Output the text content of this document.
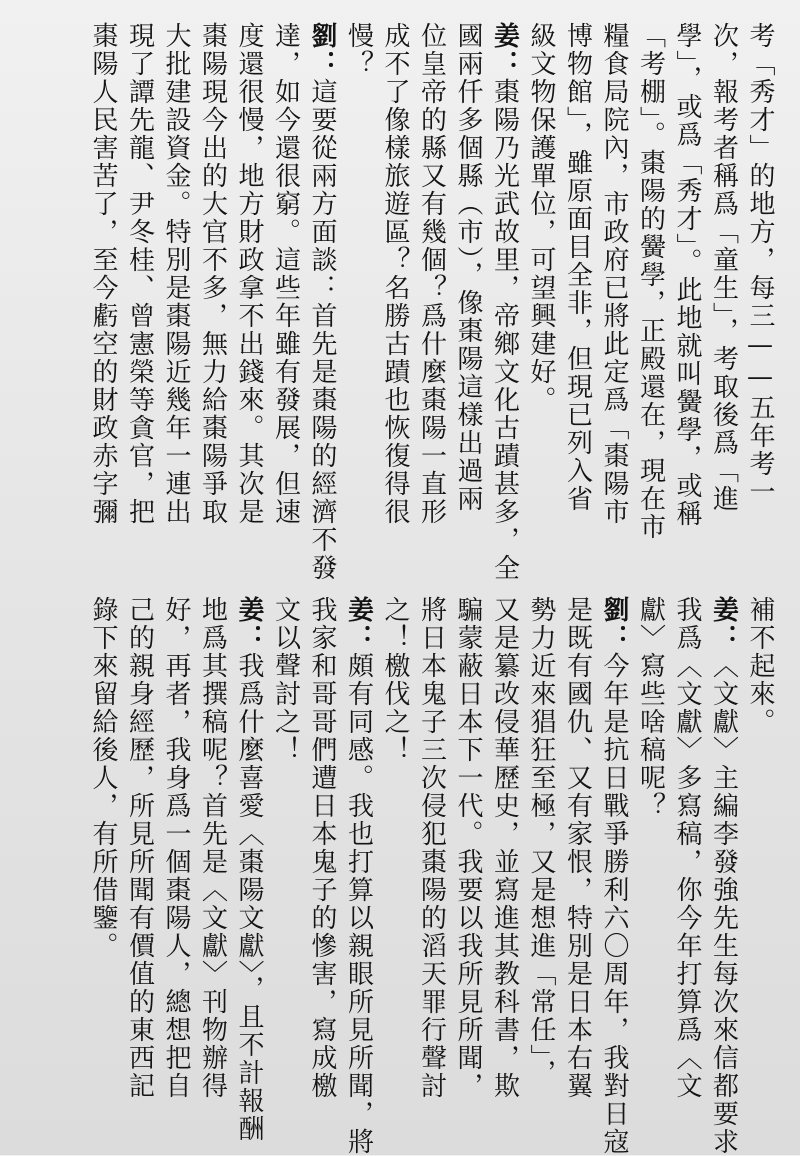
考「秀才」的地方，每三——五年考一
次，報考者稱爲「童生」，考取後爲「進
學」，或爲「秀才」。此地就叫黌學，或稱
「考棚」。棗陽的黌學，正殿還在，現在市
糧食局院內，市政府已將此定爲「棗陽市
博物館」，雖原面目全非，但現已列入省
級文物保護單位，可望興建好。
姜：棗陽乃光武故里，帝鄉文化古蹟甚多，全
國兩仟多個縣（市），像棗陽這樣出過兩
位皇帝的縣又有幾個？爲什麼棗陽一直形
成不了像樣旅遊區？名勝古蹟也恢復得很
慢？
劉：這要從兩方面談：首先是棗陽的經濟不發
達，如今還很窮。這些年雖有發展，但速
度還很慢，地方財政拿不出錢來。其次是
棗陽現今出的大官不多，無力給棗陽爭取
大批建設資金。特別是棗陽近幾年一連出
現了譚先龍、尹冬桂、曾憲榮等貪官，把
棗陽人民害苦了，至今虧空的財政赤字彌
補不起來。
姜：〈文獻〉主編李發強先生每次來信都要求
我爲〈文獻〉多寫稿，你今年打算爲〈文
獻〉寫些啥稿呢？
劉：今年是抗日戰爭勝利六〇周年，我對日寇
是既有國仇、又有家恨，特別是日本右翼
勢力近來猖狂至極，又是想進「常任」，
又是纂改侵華歷史，並寫進其教科書，欺
騙蒙蔽日本下一代。我要以我所見所聞，
將日本鬼子三次侵犯棗陽的滔天罪行聲討
之！檄伐之！
姜：頗有同感。我也打算以親眼所見所聞，將
我家和哥哥們遭日本鬼子的慘害，寫成檄
文以聲討之！
姜：我爲什麼喜愛〈棗陽文獻〉，且不計報酬
地爲其撰稿呢？首先是〈文獻〉刊物辦得
好，再者，我身爲一個棗陽人，總想把自
己的親身經歷，所見所聞有價值的東西記
錄下來留給後人，有所借鑒。
